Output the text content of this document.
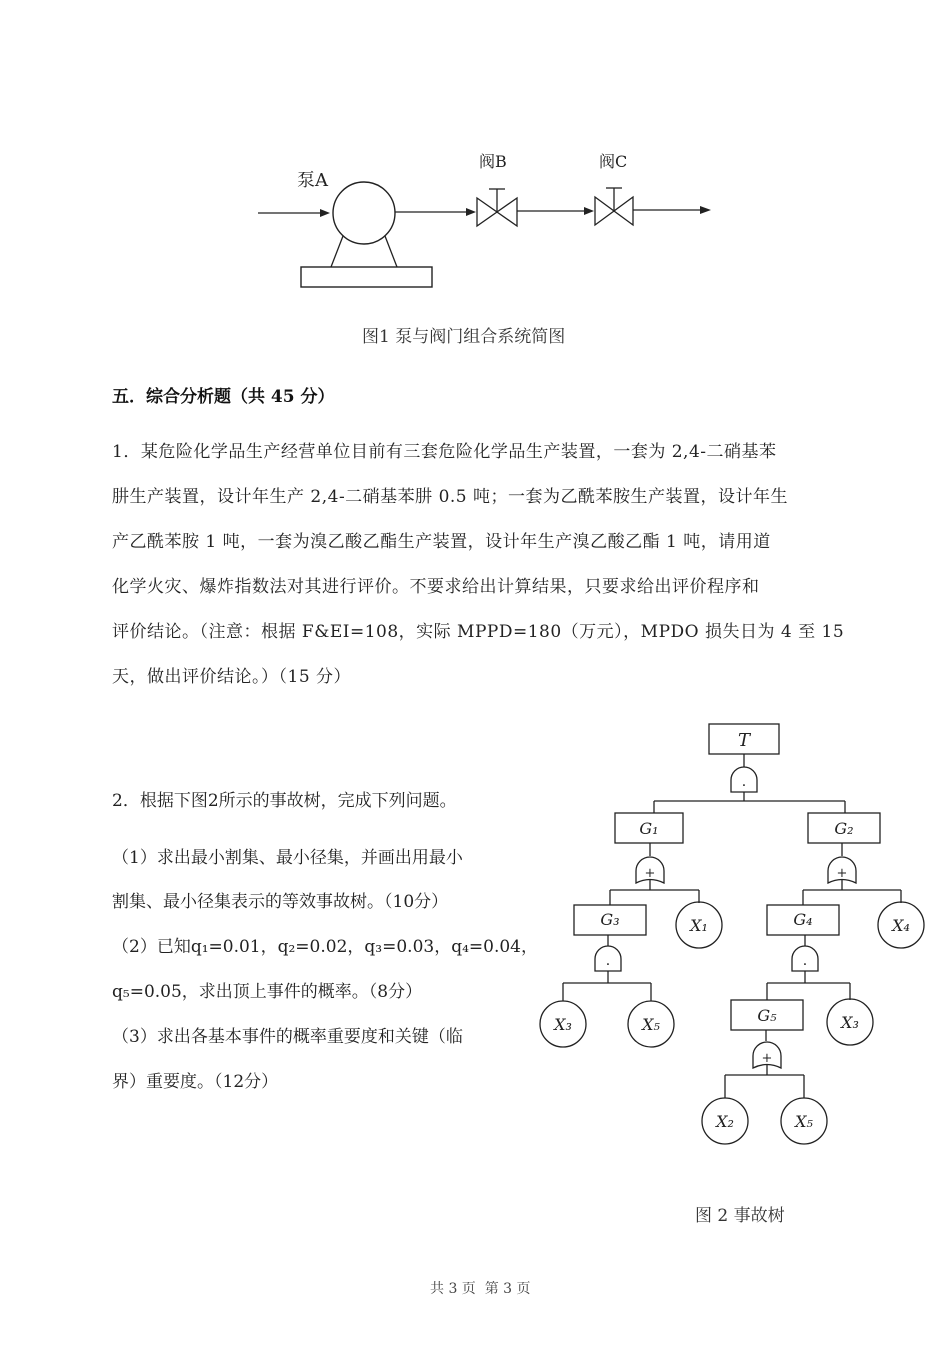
泵A
阀B	阀C
图1 泵与阀门组合系统简图
五．综合分析题（共 45 分）
1．某危险化学品生产经营单位目前有三套危险化学品生产装置，一套为 2,4-二硝基苯
肼生产装置，设计年生产 2,4-二硝基苯肼 0.5 吨；一套为乙酰苯胺生产装置，设计年生
产乙酰苯胺 1 吨，一套为溴乙酸乙酯生产装置，设计年生产溴乙酸乙酯 1 吨，请用道
化学火灾、爆炸指数法对其进行评价。不要求给出计算结果，只要求给出评价程序和
评价结论。（注意：根据 F&EI=108，实际 MPPD=180（万元），MPDO 损失日为 4 至 15
天，做出评价结论。）（15 分）
2．根据下图2所示的事故树，完成下列问题。
（1）求出最小割集、最小径集，并画出用最小
割集、最小径集表示的等效事故树。（10分）
（2）已知q₁=0.01，q₂=0.02，q₃=0.03，q₄=0.04，
q₅=0.05，求出顶上事件的概率。（8分）
（3）求出各基本事件的概率重要度和关键（临
界）重要度。（12分）
T
·
G₁	G₂
+	+
G₃	X₁	G₄	X₄
·	·
X₃	X₅	G₅	X₃
+
X₂	X₅
图 2 事故树
共 3 页  第 3 页
